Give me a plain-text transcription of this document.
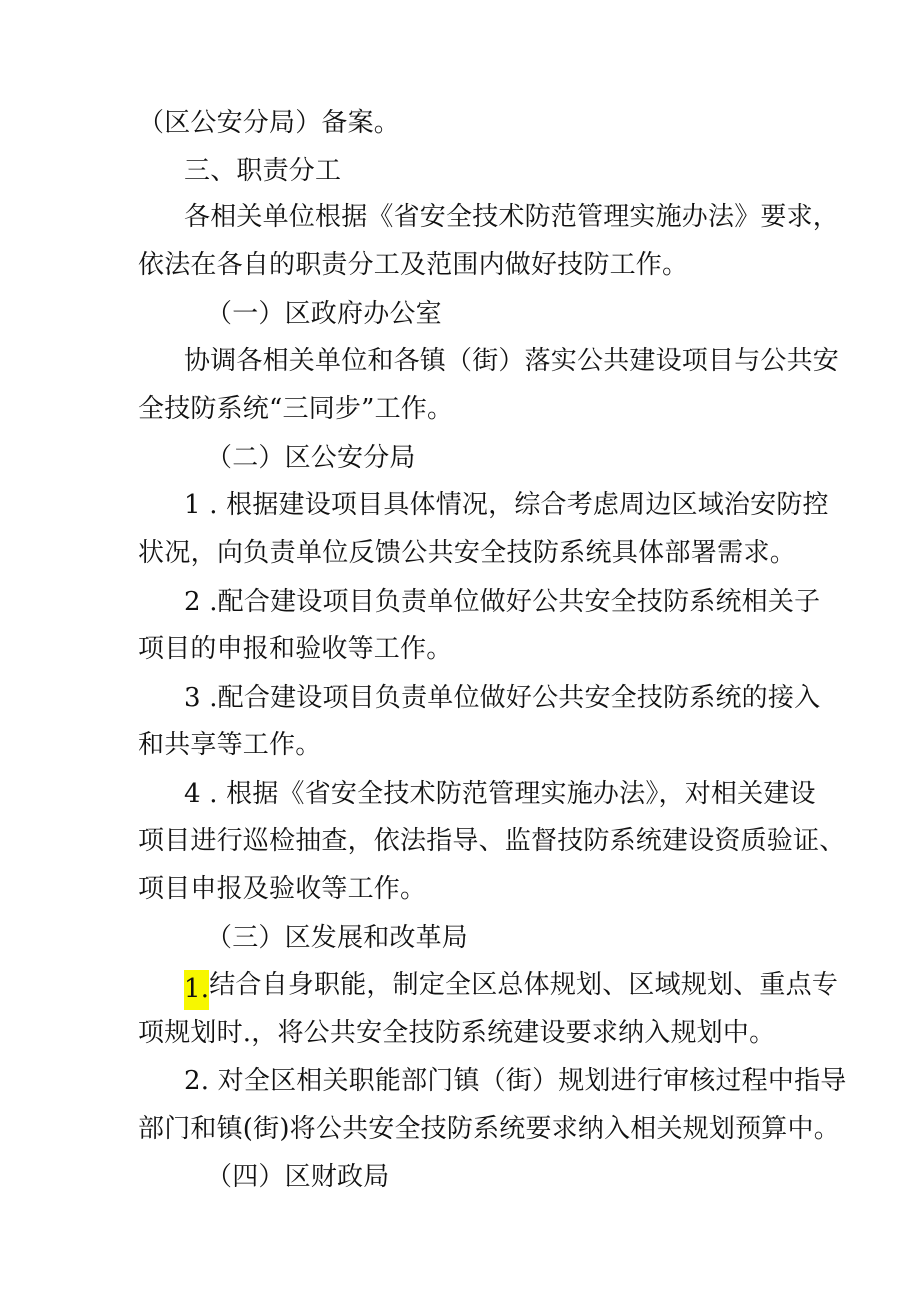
（区公安分局）备案。
三、职责分工
各相关单位根据《省安全技术防范管理实施办法》要求，
依法在各自的职责分工及范围内做好技防工作。
（一）区政府办公室
协调各相关单位和各镇（街）落实公共建设项目与公共安
全技防系统“三同步”工作。
（二）区公安分局
1 . 根据建设项目具体情况，综合考虑周边区域治安防控
状况，向负责单位反馈公共安全技防系统具体部署需求。
2 .配合建设项目负责单位做好公共安全技防系统相关子
项目的申报和验收等工作。
3 .配合建设项目负责单位做好公共安全技防系统的接入
和共享等工作。
4 . 根据《省安全技术防范管理实施办法》，对相关建设
项目进行巡检抽查，依法指导、监督技防系统建设资质验证、
项目申报及验收等工作。
（三）区发展和改革局
1. 结合自身职能，制定全区总体规划、区域规划、重点专
项规划时.，将公共安全技防系统建设要求纳入规划中。
2. 对全区相关职能部门镇（街）规划进行审核过程中指导
部门和镇(街)将公共安全技防系统要求纳入相关规划预算中。
（四）区财政局
